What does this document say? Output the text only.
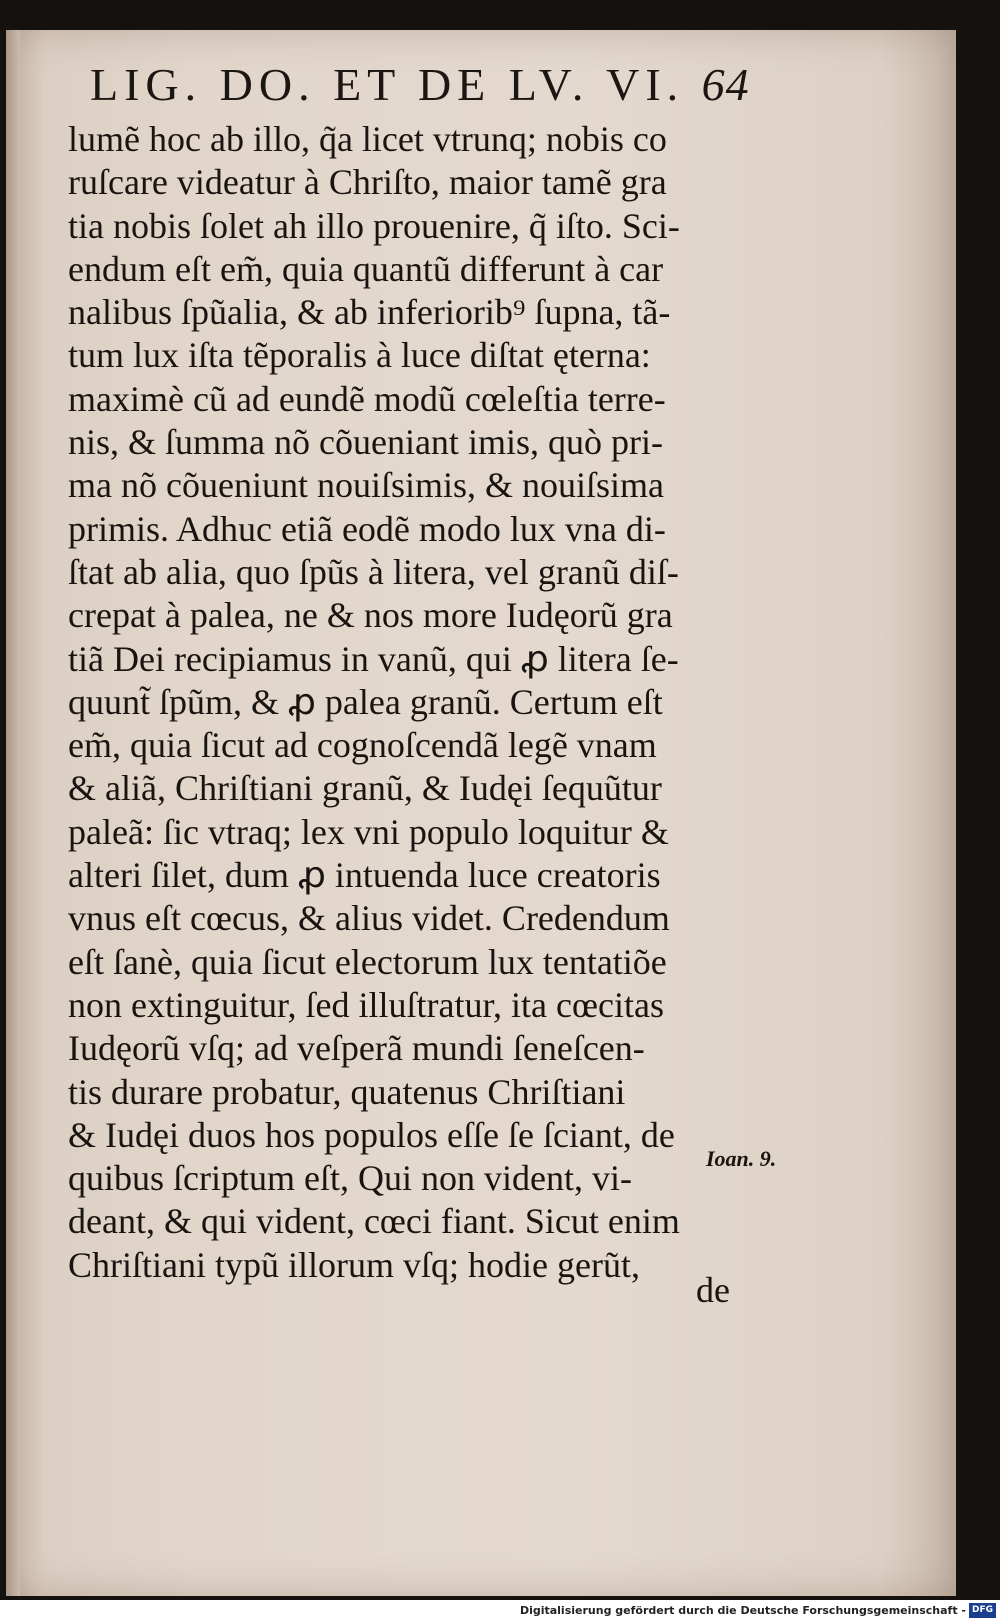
LIG. DO. ET DE LV. VI. 64
lumẽ hoc ab illo, q̃a licet vtrunq; nobis co
ruſcare videatur à Chriſto, maior tamẽ gra
tia nobis ſolet ah illo prouenire, q̃ iſto. Sci-
endum eſt em̃, quia quantũ differunt à car
nalibus ſpũalia, & ab inferiorib⁹ ſupna, tã-
tum lux iſta tẽporalis à luce diſtat ęterna:
maximè cũ ad eundẽ modũ cœleſtia terre-
nis, & ſumma nõ cõueniant imis, quò pri-
ma nõ cõueniunt nouiſsimis, & nouiſsima
primis. Adhuc etiã eodẽ modo lux vna di-
ſtat ab alia, quo ſpũs à litera, vel granũ diſ-
crepat à palea, ne & nos more Iudęorũ gra
tiã Dei recipiamus in vanũ, qui ꝓ litera ſe-
quunt̃ ſpũm, & ꝓ palea granũ. Certum eſt
em̃, quia ſicut ad cognoſcendã legẽ vnam
& aliã, Chriſtiani granũ, & Iudęi ſequũtur
paleã: ſic vtraq; lex vni populo loquitur &
alteri ſilet, dum ꝓ intuenda luce creatoris
vnus eſt cœcus, & alius videt. Credendum
eſt ſanè, quia ſicut electorum lux tentatiõe
non extinguitur, ſed illuſtratur, ita cœcitas
Iudęorũ vſq; ad veſperã mundi ſeneſcen-
tis durare probatur, quatenus Chriſtiani
& Iudęi duos hos populos eſſe ſe ſciant, de
quibus ſcriptum eſt, Qui non vident, vi-
deant, & qui vident, cœci fiant. Sicut enim
Chriſtiani typũ illorum vſq; hodie gerũt,
Ioan. 9.
de
Digitalisierung gefördert durch die Deutsche Forschungsgemeinschaft - DFG
